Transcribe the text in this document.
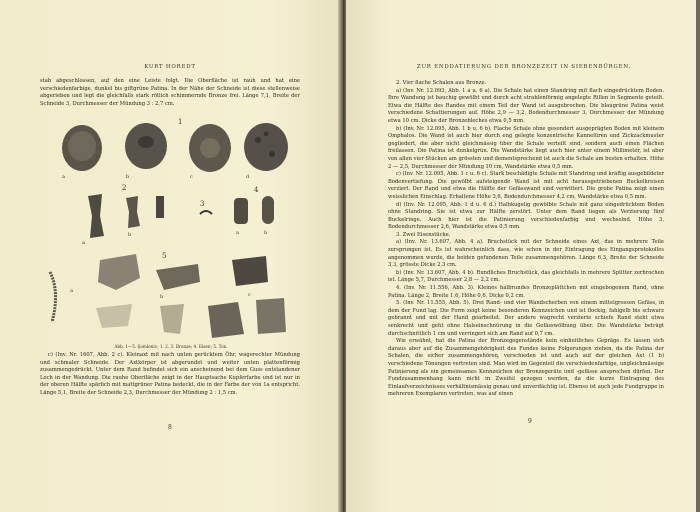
KURT HOREDT

stab abgeschlossen, auf den eine Leiste folgt. Die Oberfläche ist rauh und hat eine verschiedenfarbige, dunkel bis giftgrüne Patina. In der Nähe der Schneide ist diese stellenweise abgerieben und legt die gleichfalls stark rötlich schimmernde Bronze frei. Länge 7,1, Breite der Schneide 3, Durchmesser der Mündung 3 : 2,7 cm.

1
a	b	c	d
2
3
4
a
b	a	b
5
a
b	c
Abb. 1—5. Şomlenic; 1. 2. 3. Bronze; 4. Eisen; 5. Ton.

c) (Inv. Nr. 1607, Abb. 2 c). Kleinaxt mit nach unten gerücktem Öhr, wagerechter Mündung und schmaler Schneide. Der Axtkörper ist abgerundet und weiter unten plattenförmig zusammengedrückt. Unter dem Rand befindet sich ein anscheinend bei dem Guss entstandener Loch in der Wandung. Die rauhe Oberfläche zeigt in der Hauptsache Kupferfarbe und ist nur in der oberen Hälfte spärlich mit mattgrüner Patina bedeckt, die in der Farbe der von 1a entspricht. Länge 5,1, Breite der Schneide 2,3, Durchmesser der Mündung 2 : 1,5 cm.

8
ZUR ENDDATIERUNG DER BRONZEZEIT IN SIEBENBÜRGEN.

2. Vier flache Schalen aus Bronze.

a) (Inv. Nr. 12.093, Abb. 1 a u. 6 a). Die Schale hat einen Standring mit flach eingedrücktem Boden. Ihre Wandung ist bauchig gewölbt und durch acht strahlenförmig angelegte Rillen in Segmente geteilt. Etwa die Hälfte des Randes mit einem Teil der Wand ist ausgebrochen. Die blaugrüne Patina weist verschiedene Schattierungen auf. Höhe 2,9 — 3,2, Bodendurchmesser 3, Durchmesser der Mündung etwa 10 cm. Dicke der Bronzebleches etwa 0,5 mm.

b) (Inv. Nr. 12.095, Abb. 1 b u. 6 b). Flache Schale ohne gesondert ausgeprägten Boden mit kleinem Omphalos. Die Wand ist auch hier durch eng gelegte konzentrische Kannelüren und Zickzackmuster gegliedert, die aber nicht gleichmässig über die Schale verteilt sind, sondern auch einen Flächen freilassen. Die Patina ist dunkelgrün. Die Wandstärke liegt auch hier unter einem Millimeter, ist aber von allen vier Stücken am grössten und dementsprechend ist auch die Schale am besten erhalten. Höhe 2 — 2,5, Durchmesser der Mündung 10 cm, Wandstärke etwa 0,5 mm.

c) (Inv. Nr. 12.095, Abb. 1 c u. 6 c). Stark beschädigte Schale mit Standring und kräftig ausgebildeter Bodenvertiefung. Die gewölbt aufsteigende Wand ist mit acht herausgetriebenen Buckelkreisen verziert. Der Rand und etwa die Hälfte der Gefässwand sind verwittert. Die grobe Patina zeigt einen weisslichen Einschlag. Erhaltene Höhe 3,6, Bodendurchmesser 4,2 cm, Wandstärke etwa 0,5 mm.

d) (Inv. Nr. 12.095, Abb. 1 d u. 6 d.) Halbkugelig gewölbte Schale mit ganz eingedrücktem Boden ohne Standring. Sie ist etwa zur Hälfte zerstört. Unter dem Rand liegen als Verzierung fünf Buckelringe. Auch hier ist die Patinierung verschiedenfarbig und wechselnd. Höhe 3, Bodendurchmesser 2,6, Wandstärke etwa 0,5 mm.

3. Zwei Eisenstücke.

a) (Inv. Nr. 13.607, Abb. 4 a). Bruchstück mit der Schneide eines Axt, das in mehrere Teile zersprungen ist. Es ist wahrscheinlich dass, wie schon in der Eintragung des Eingangsprotokolles angenommen wurde, die beiden gefundenen Teile zusammengehören. Länge 6,3, Breite der Schneide 3,3, grösste Dicke 2,3 cm.

b) (Inv. Nr. 13.607, Abb. 4 b). Rundliches Bruchstück, das gleichfalls in mehrere Splitter zerbrochen ist. Länge 5,7, Durchmesser 2,8 — 2,2 cm.

4. (Inv. Nr. 11.556, Abb. 3). Kleines halbrundes Bronzeplättchen mit eingebogenem Rand, ohne Patina. Länge 2, Breite 1,6, Höhe 0,6, Dicke 0,2 cm.

5. (Inv. Nr. 11.555, Abb. 5). Drei Rand- und vier Wandscherben von einem mittelgrossen Gefäss, in dem der Fund lag. Die Form zeigt keine besonderen Kennzeichen und ist flockig, fahlgelb bis schwarz gebrannt und mit der Hand gearbeitet. Der andere wagrecht verzierte schiefe Rand steht etwa senkrecht und geht ohne Halseinschnürung in die Gefässwölbung über. Die Wandstärke beträgt durchschnittlich 1 cm und verringert sich am Rand auf 0,7 cm.

Wie erwähnt, hat die Patina der Bronzegegenstände kein einheitliches Gepräge. Es lassen sich daraus aber auf die Zusammengehörigkeit des Fundes keine Folgerungen ziehen, da die Patina der Schalen, die sicher zusammengehören, verschieden ist und auch auf der gleichen Axt (1 b) verschiedene Tönungen vertreten sind. Man wird im Gegenteil die verschiedenfarbige, ungleichmässige Patinierung als ein gemeinsames Kennzeichen der Bronzegeräte und -gefässe ansprechen dürfen. Der Fundzusammenhang kann nicht in Zweifel gezogen werden, da die kurze Eintragung des Einlaufverzeichnisses verhältnismässig genau und unverdächtig ist. Ebenso ist auch jede Fundgruppe in mehreren Exemplaren vertreten, was auf einen

9
